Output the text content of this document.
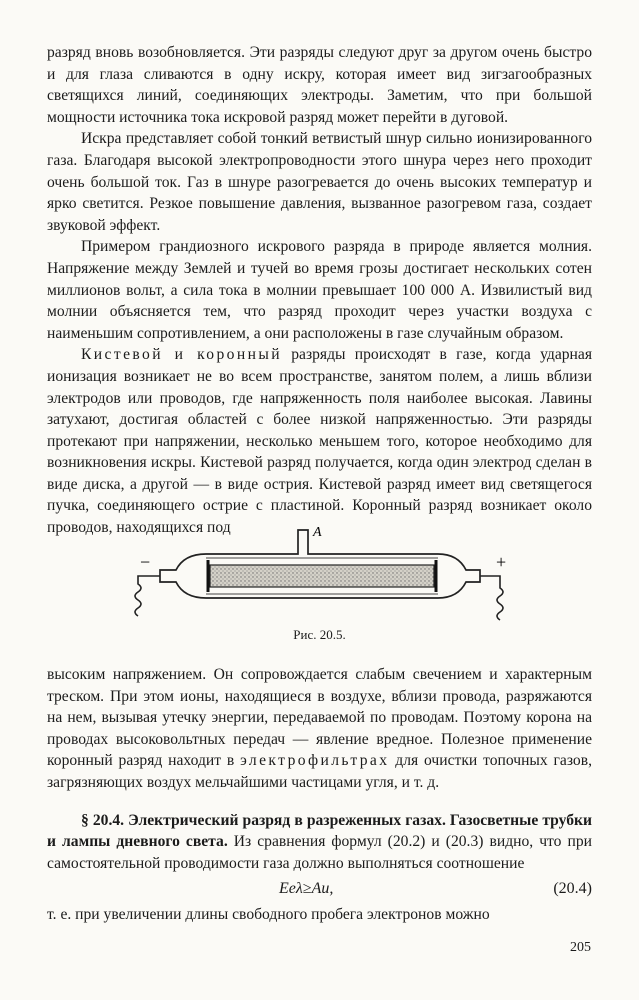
разряд вновь возобновляется. Эти разряды следуют друг за другом очень быстро и для глаза сливаются в одну искру, которая имеет вид зигзагообразных светящихся линий, соединяющих электроды. Заметим, что при большой мощности источника тока искровой разряд может перейти в дуговой.

Искра представляет собой тонкий ветвистый шнур сильно ионизированного газа. Благодаря высокой электропроводности этого шнура через него проходит очень большой ток. Газ в шнуре разогревается до очень высоких температур и ярко светится. Резкое повышение давления, вызванное разогревом газа, создает звуковой эффект.

Примером грандиозного искрового разряда в природе является молния. Напряжение между Землей и тучей во время грозы достигает нескольких сотен миллионов вольт, а сила тока в молнии превышает 100 000 А. Извилистый вид молнии объясняется тем, что разряд проходит через участки воздуха с наименьшим сопротивлением, а они расположены в газе случайным образом.

Кистевой и коронный разряды происходят в газе, когда ударная ионизация возникает не во всем пространстве, занятом полем, а лишь вблизи электродов или проводов, где напряженность поля наиболее высокая. Лавины затухают, достигая областей с более низкой напряженностью. Эти разряды протекают при напряжении, несколько меньшем того, которое необходимо для возникновения искры. Кистевой разряд получается, когда один электрод сделан в виде диска, а другой — в виде острия. Кистевой разряд имеет вид светящегося пучка, соединяющего острие с пластиной. Коронный разряд возникает около проводов, находящихся под	A
−	+
Рис. 20.5.

высоким напряжением. Он сопровождается слабым свечением и характерным треском. При этом ионы, находящиеся в воздухе, вблизи провода, разряжаются на нем, вызывая утечку энергии, передаваемой по проводам. Поэтому корона на проводах высоковольтных передач — явление вредное. Полезное применение коронный разряд находит в электрофильтрах для очистки топочных газов, загрязняющих воздух мельчайшими частицами угля, и т. д.

§ 20.4. Электрический разряд в разреженных газах. Газосветные трубки и лампы дневного света. Из сравнения формул (20.2) и (20.3) видно, что при самостоятельной проводимости газа должно выполняться соотношение

Eeλ≥Aи,	(20.4)

т. е. при увеличении длины свободного пробега электронов можно

205
